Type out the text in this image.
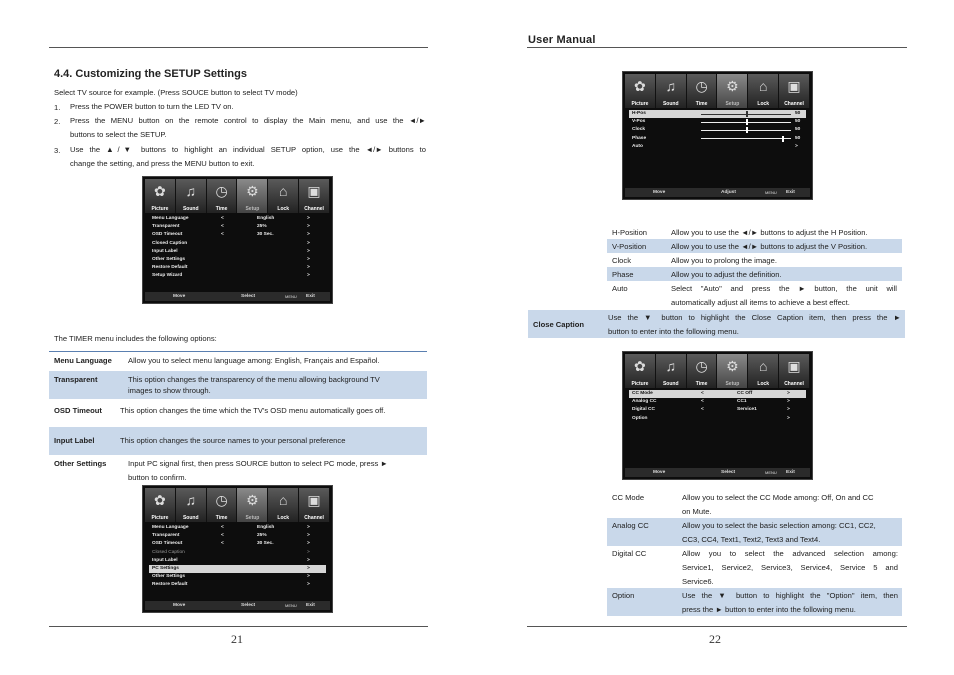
4.4. Customizing the SETUP Settings
Select TV source for example. (Press SOUCE button to select TV mode)
1. Press the POWER button to turn the LED TV on.
2. Press the MENU button on the remote control to display the Main menu, and use the ◄/►
buttons to select the SETUP.
3. Use the ▲/▼ buttons to highlight an individual SETUP option, use the ◄/► buttons to
change the setting, and press the MENU button to exit.
✿
Picture
♫
Sound
◷
Time
⚙
Setup
⌂
Lock
▣
Channel
Menu Language	<	English	>
Transparent	<	25%	>
OSD Timeout	<	30 Sec.	>
Closed Caption	>
Input Label	>
Other Settings	>
Restore Default	>
Setup Wizard	>
Move	Select	MENU Exit
The TIMER menu includes the following options:
Menu Language Allow you to select menu language among: English, Français and Español.
Transparent	This option changes the transparency of the menu allowing background TV
images to show through.
OSD Timeout This option changes the time which the TV's OSD menu automatically goes off.
Input Label	This option changes the source names to your personal preference
Other Settings	Input PC signal first, then press SOURCE button to select PC mode, press ►
button to confirm.
✿
Picture
♫
Sound
◷
Time
⚙
Setup
⌂
Lock
▣
Channel
Menu Language	<	English	>
Transparent	<	25%	>
OSD Timeout	<	30 Sec.	>
Closed Caption	>
Input Label	>
PC Settings	>
Other Settings	>
Restore Default	>
Move	Select	MENU Exit
21
User Manual
✿
Picture
♫
Sound
◷
Time
⚙
Setup
⌂
Lock
▣
Channel
H-Pos	50
V-Pos	50
Clock	50
Phase	50
Auto	>
Move	Adjust	MENU Exit
H-Position	Allow you to use the ◄/► buttons to adjust the H Position.
V-Position	Allow you to use the ◄/► buttons to adjust the V Position.
Clock	Allow you to prolong the image.
Phase	Allow you to adjust the definition.
Auto	Select "Auto" and press the ► button, the unit will
automatically adjust all items to achieve a best effect.
Close Caption
Use the ▼ button to highlight the Close Caption item, then press the ►
button to enter into the following menu.
✿
Picture
♫
Sound
◷
Time
⚙
Setup
⌂
Lock
▣
Channel
CC Mode	<	CC Off	>
Analog CC	<	CC1	>
Digital CC	<	Service1	>
Option	>
Move	Select	MENU Exit
CC Mode	Allow you to select the CC Mode among: Off, On and CC
on Mute.
Analog CC	Allow you to select the basic selection among: CC1, CC2,
CC3, CC4, Text1, Text2, Text3 and Text4.
Digital CC	Allow you to select the advanced selection among:
Service1, Service2, Service3, Service4, Service 5 and
Service6.
Option	Use the ▼ button to highlight the "Option" item, then
press the ► button to enter into the following menu.
22
